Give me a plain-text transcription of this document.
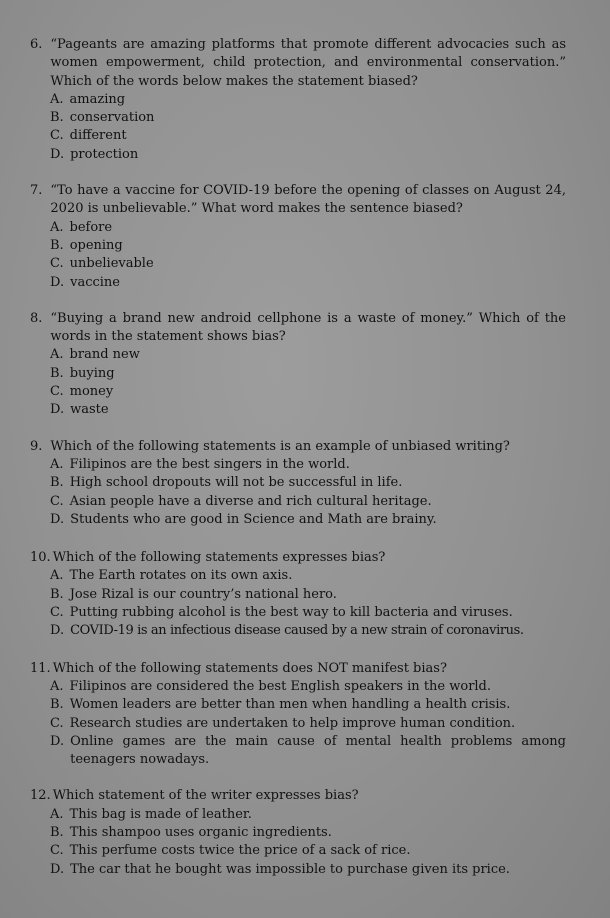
6. “Pageants are amazing platforms that promote different advocacies such as women empowerment, child protection, and environmental conservation.” Which of the words below makes the statement biased?
A. amazing
B. conservation
C. different
D. protection
7. “To have a vaccine for COVID-19 before the opening of classes on August 24, 2020 is unbelievable.” What word makes the sentence biased?
A. before
B. opening
C. unbelievable
D. vaccine
8. “Buying a brand new android cellphone is a waste of money.” Which of the words in the statement shows bias?
A. brand new
B. buying
C. money
D. waste
9. Which of the following statements is an example of unbiased writing?
A. Filipinos are the best singers in the world.
B. High school dropouts will not be successful in life.
C. Asian people have a diverse and rich cultural heritage.
D. Students who are good in Science and Math are brainy.
10. Which of the following statements expresses bias?
A. The Earth rotates on its own axis.
B. Jose Rizal is our country’s national hero.
C. Putting rubbing alcohol is the best way to kill bacteria and viruses.
D. COVID-19 is an infectious disease caused by a new strain of coronavirus.
11. Which of the following statements does NOT manifest bias?
A. Filipinos are considered the best English speakers in the world.
B. Women leaders are better than men when handling a health crisis.
C. Research studies are undertaken to help improve human condition.
D. Online games are the main cause of mental health problems among teenagers nowadays.
12. Which statement of the writer expresses bias?
A. This bag is made of leather.
B. This shampoo uses organic ingredients.
C. This perfume costs twice the price of a sack of rice.
D. The car that he bought was impossible to purchase given its price.
